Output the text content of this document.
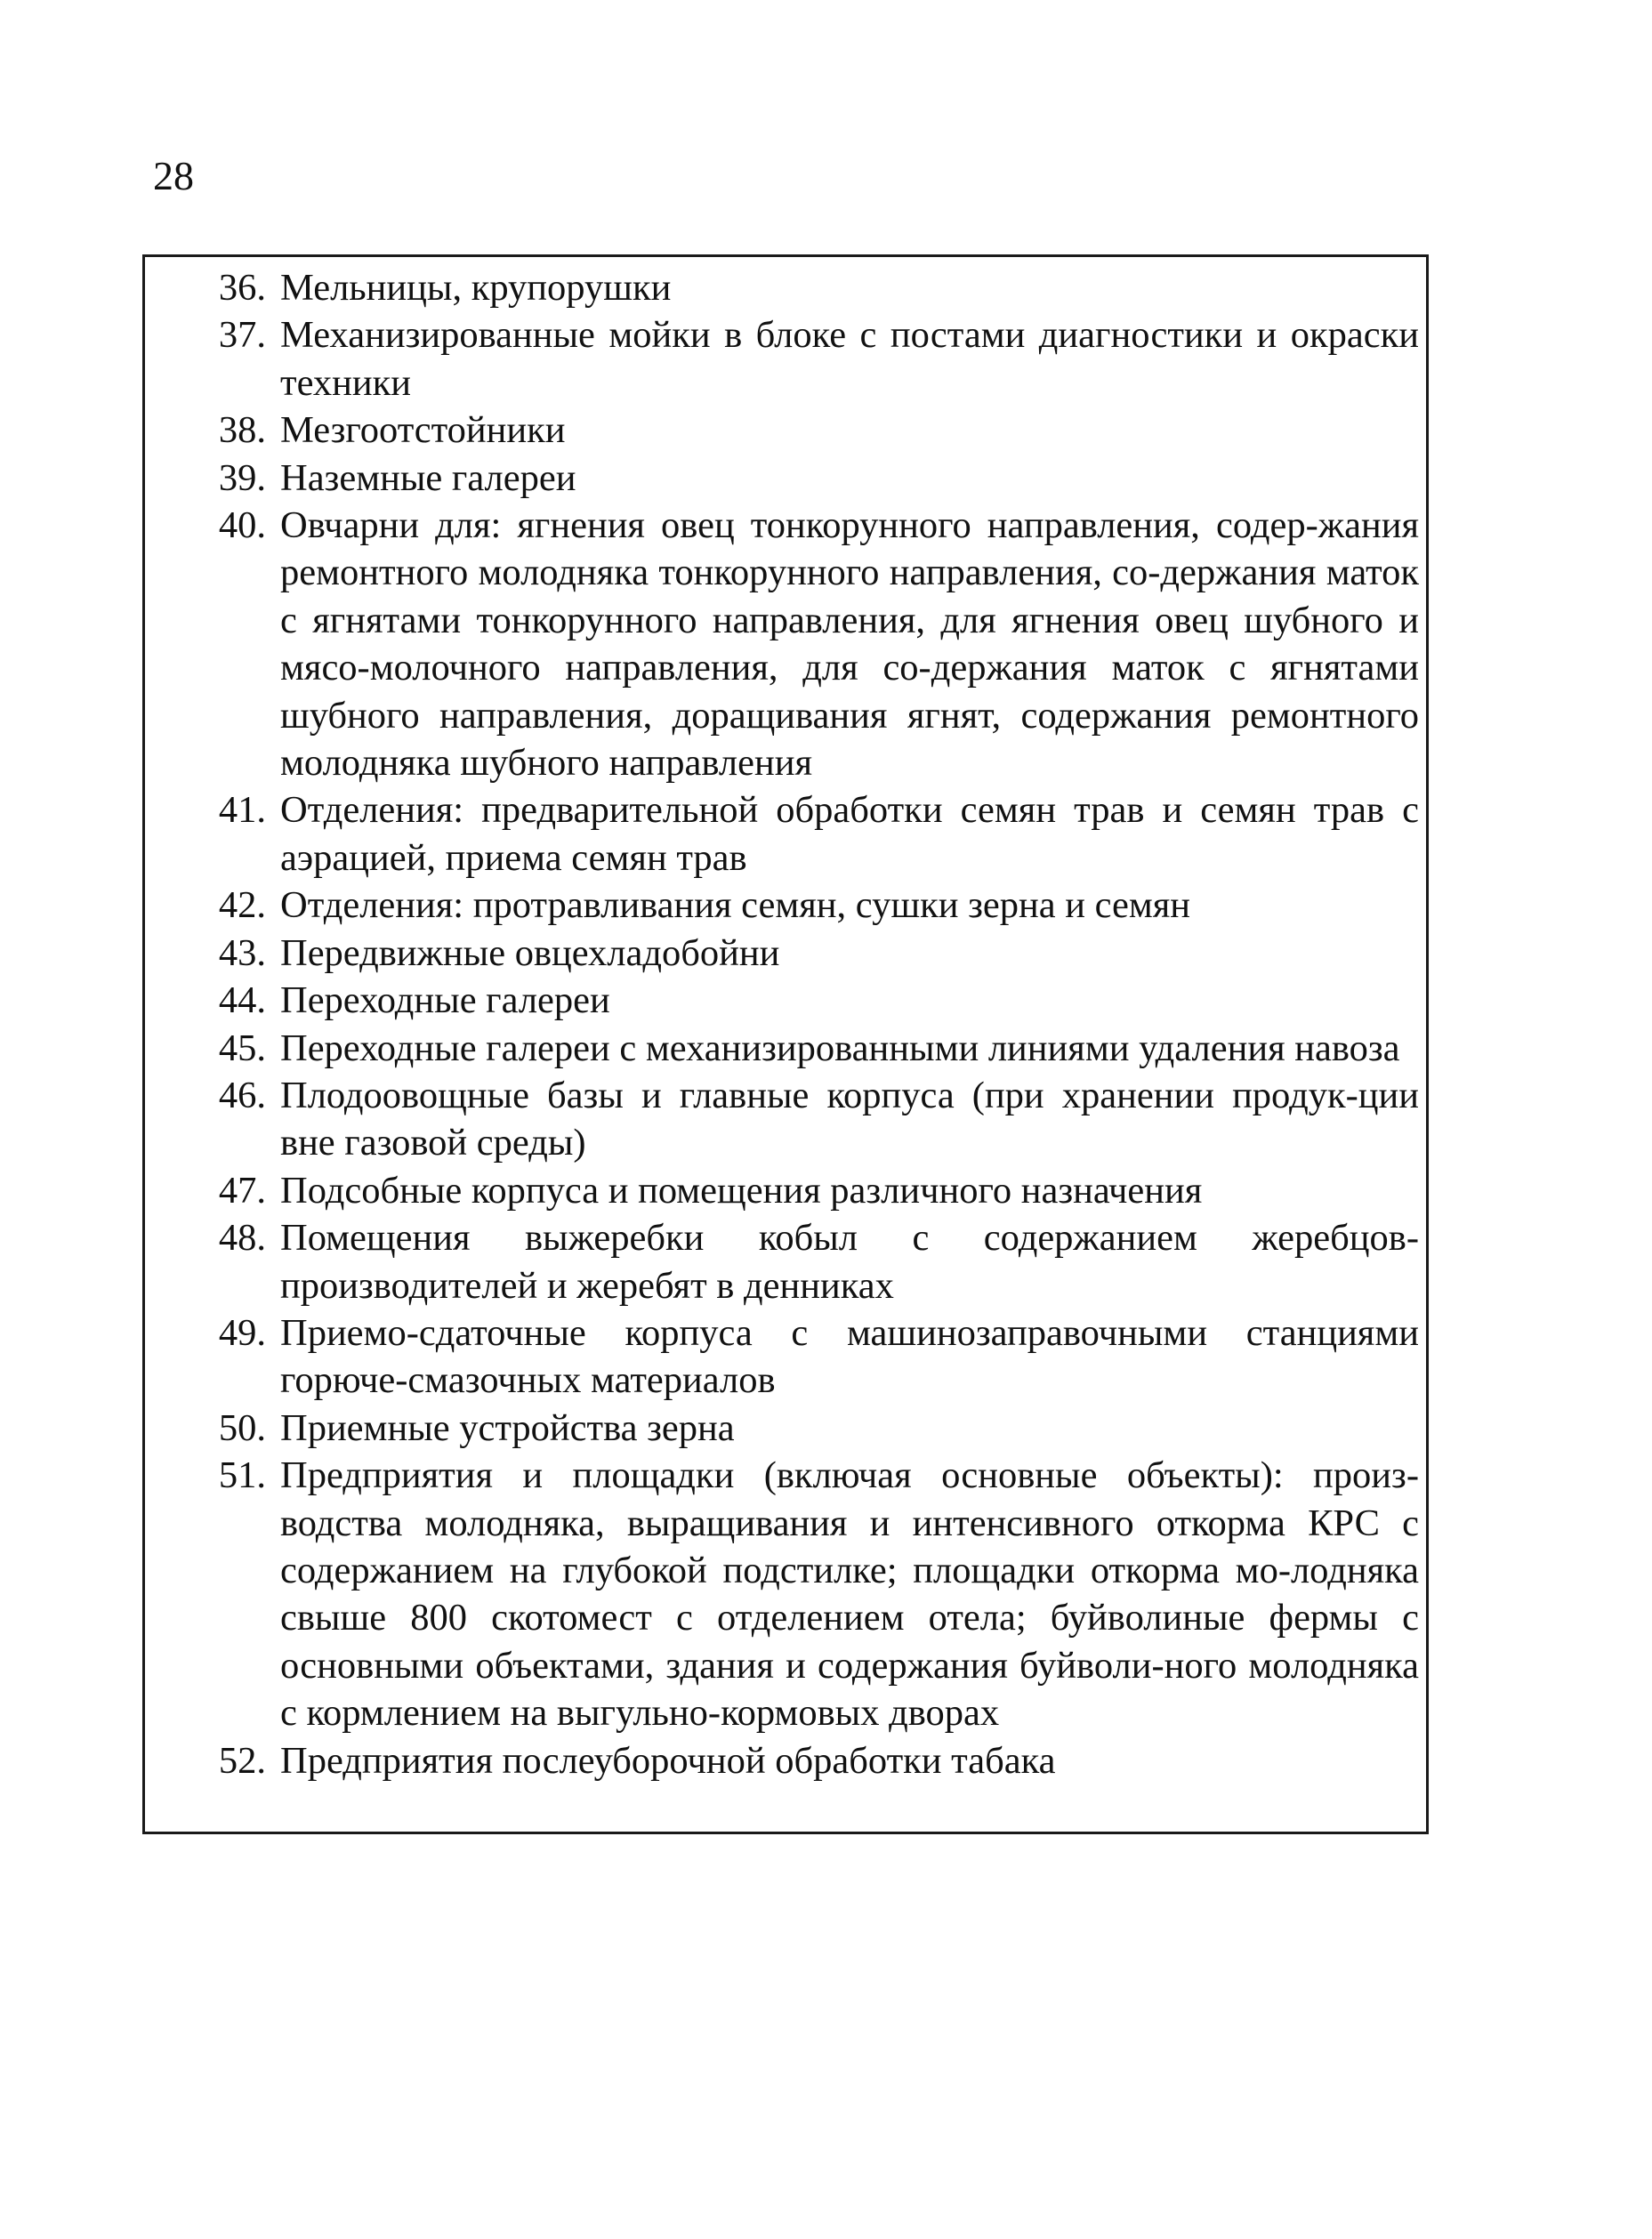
28
36. Мельницы, крупорушки
37. Механизированные мойки в блоке с постами диагностики и окраски техники
38. Мезгоотстойники
39. Наземные галереи
40. Овчарни для: ягнения овец тонкорунного направления, содер-жания ремонтного молодняка тонкорунного направления, со-держания маток с ягнятами тонкорунного направления, для ягнения овец шубного и мясо-молочного направления, для со-держания маток с ягнятами шубного направления, доращивания ягнят, содержания ремонтного молодняка шубного направления
41. Отделения: предварительной обработки семян трав и семян трав с аэрацией, приема семян трав
42. Отделения: протравливания семян, сушки зерна и семян
43. Передвижные овцехладобойни
44. Переходные галереи
45. Переходные галереи с механизированными линиями удаления навоза
46. Плодоовощные базы и главные корпуса (при хранении продук-ции вне газовой среды)
47. Подсобные корпуса и помещения различного назначения
48. Помещения выжеребки кобыл с содержанием жеребцов-производителей и жеребят в денниках
49. Приемо-сдаточные корпуса с машинозаправочными станциями горюче-смазочных материалов
50. Приемные устройства зерна
51. Предприятия и площадки (включая основные объекты): произ-водства молодняка, выращивания и интенсивного откорма КРС с содержанием на глубокой подстилке; площадки откорма мо-лодняка свыше 800 скотомест с отделением отела; буйволиные фермы с основными объектами, здания и содержания буйволи-ного молодняка с кормлением на выгульно-кормовых дворах
52. Предприятия послеуборочной обработки табака
